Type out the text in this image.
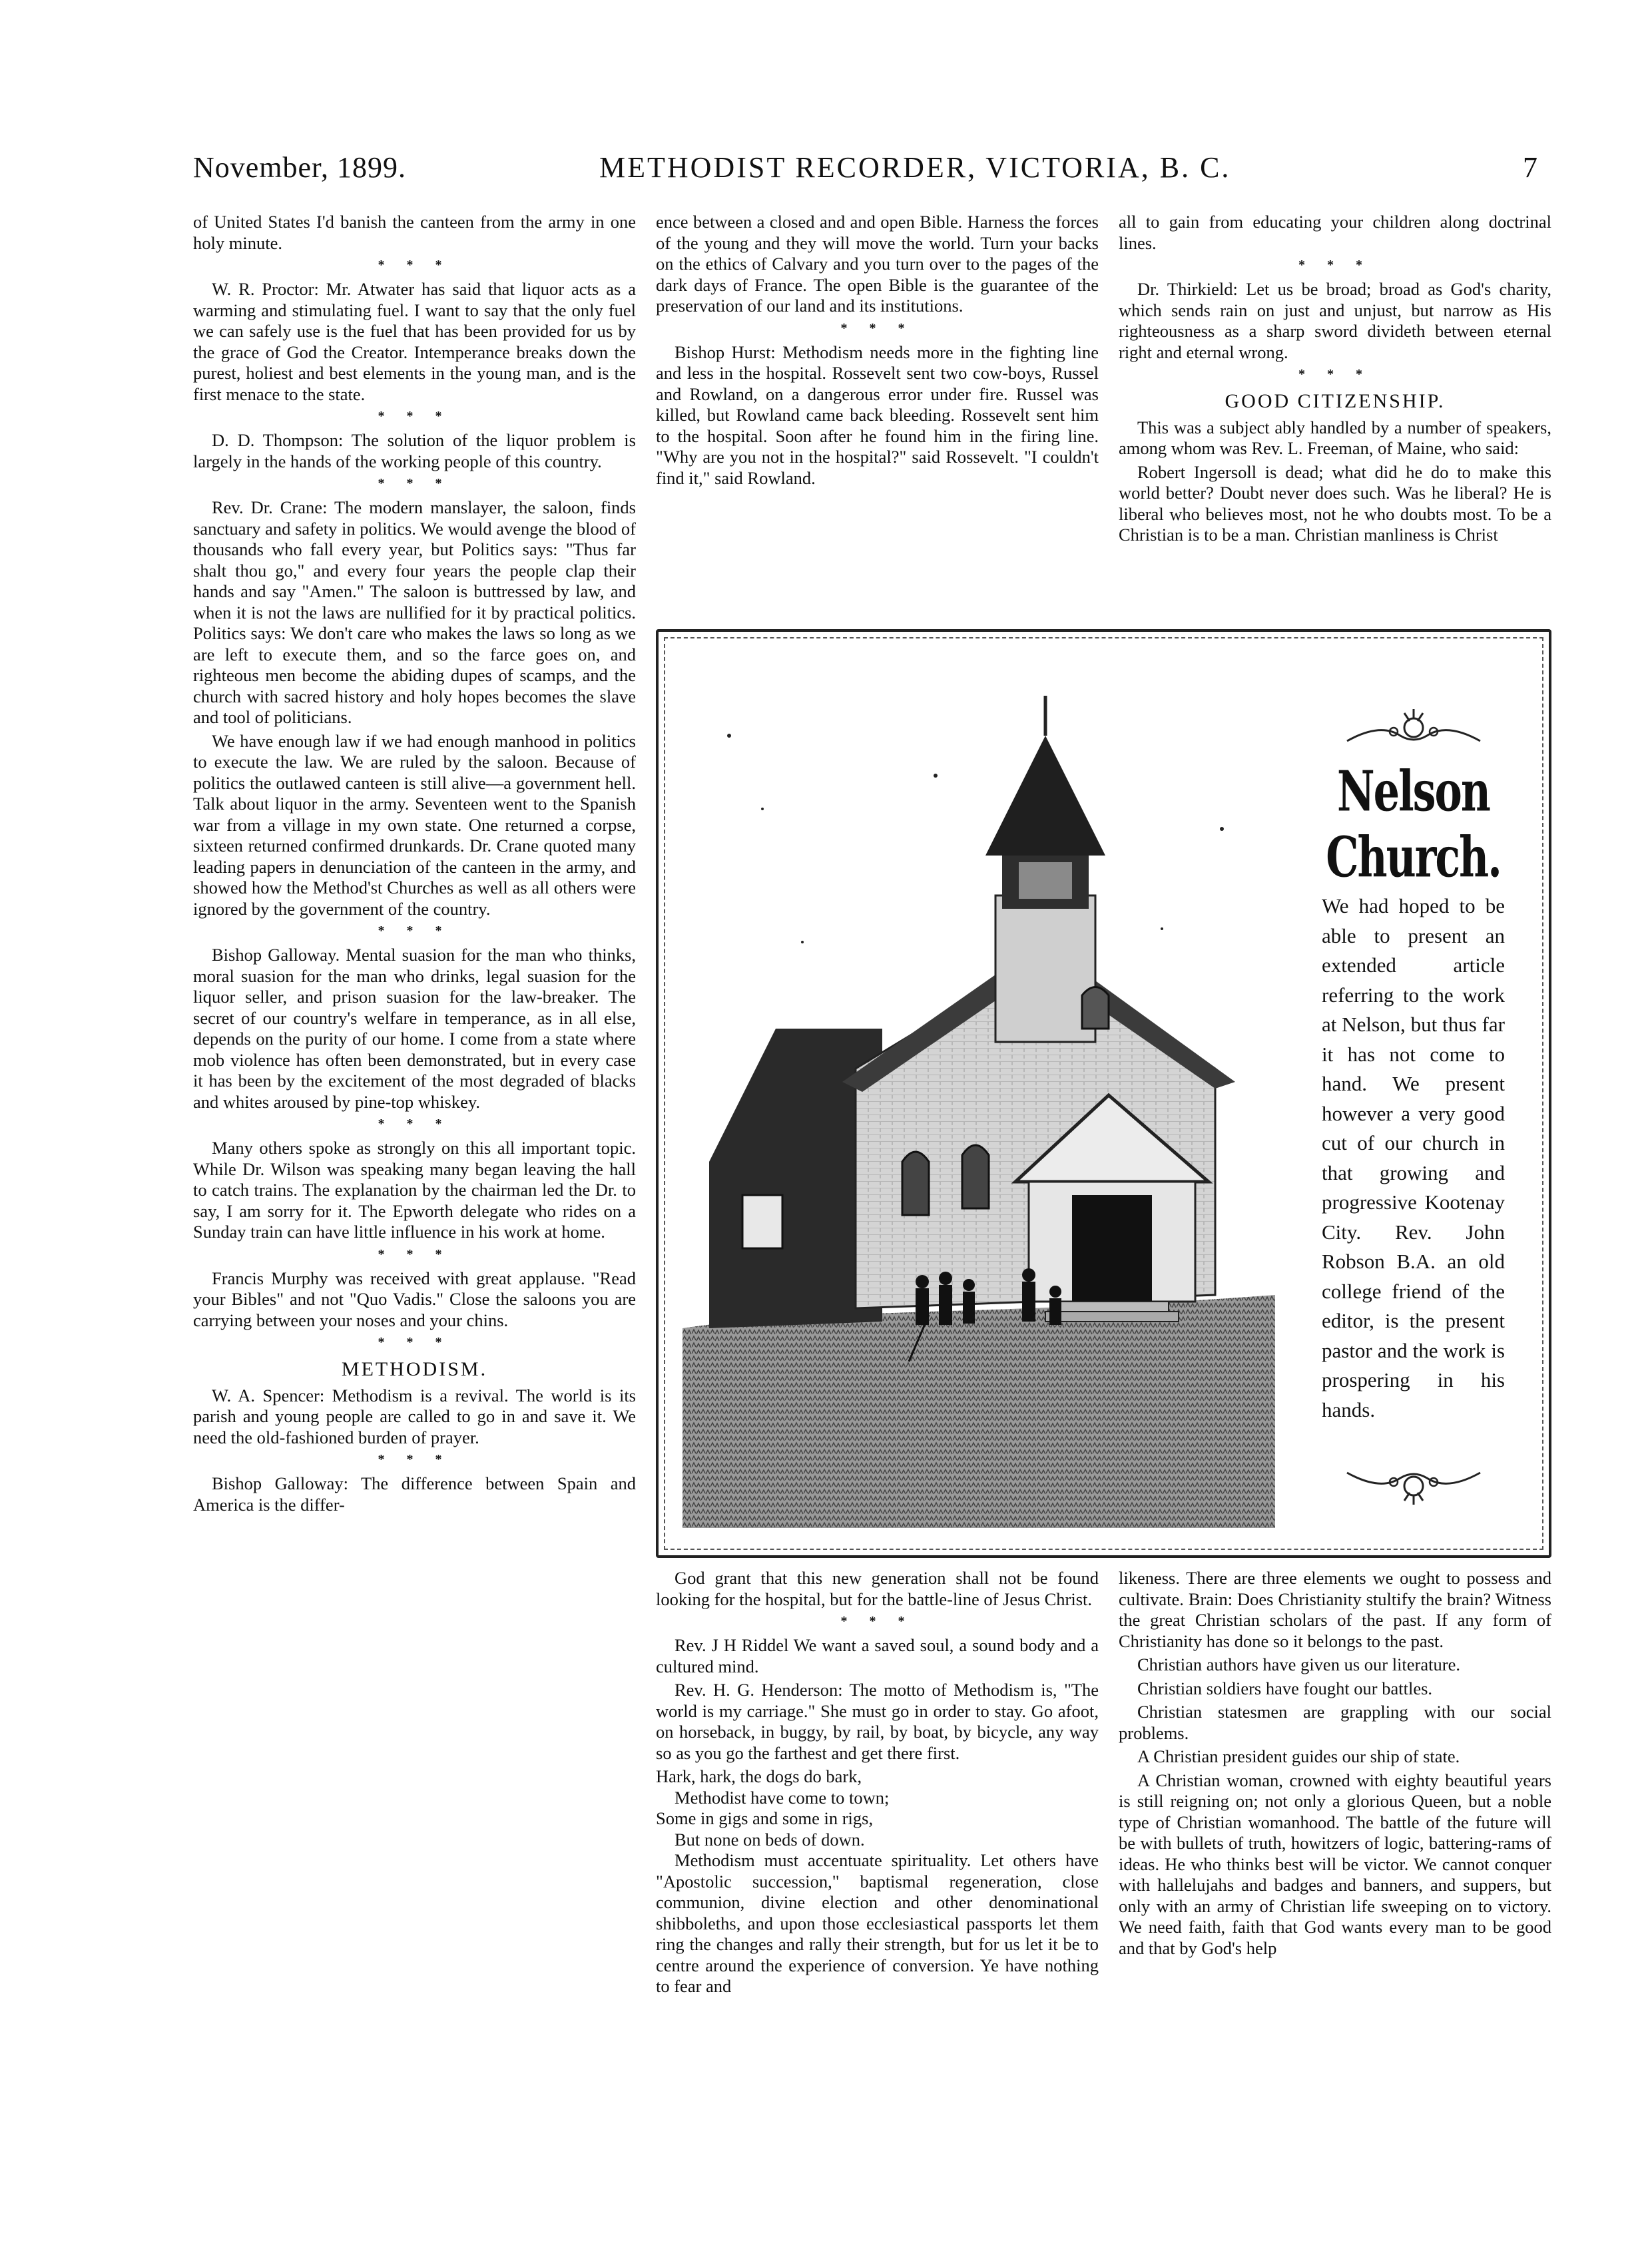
November, 1899.	METHODIST RECORDER, VICTORIA, B. C.	7

of United States I'd banish the canteen from the army in one holy minute.

* * *

W. R. Proctor: Mr. Atwater has said that liquor acts as a warming and stimulating fuel. I want to say that the only fuel we can safely use is the fuel that has been provided for us by the grace of God the Creator. Intemperance breaks down the purest, holiest and best elements in the young man, and is the first menace to the state.

* * *

D. D. Thompson: The solution of the liquor problem is largely in the hands of the working people of this country.

* * *

Rev. Dr. Crane: The modern manslayer, the saloon, finds sanctuary and safety in politics. We would avenge the blood of thousands who fall every year, but Politics says: "Thus far shalt thou go," and every four years the people clap their hands and say "Amen." The saloon is buttressed by law, and when it is not the laws are nullified for it by practical politics. Politics says: We don't care who makes the laws so long as we are left to execute them, and so the farce goes on, and righteous men become the abiding dupes of scamps, and the church with sacred history and holy hopes becomes the slave and tool of politicians.

We have enough law if we had enough manhood in politics to execute the law. We are ruled by the saloon. Because of politics the outlawed canteen is still alive—a government hell. Talk about liquor in the army. Seventeen went to the Spanish war from a village in my own state. One returned a corpse, sixteen returned confirmed drunkards. Dr. Crane quoted many leading papers in denunciation of the canteen in the army, and showed how the Method'st Churches as well as all others were ignored by the government of the country.

* * *

Bishop Galloway. Mental suasion for the man who thinks, moral suasion for the man who drinks, legal suasion for the liquor seller, and prison suasion for the law-breaker. The secret of our country's welfare in temperance, as in all else, depends on the purity of our home. I come from a state where mob violence has often been demonstrated, but in every case it has been by the excitement of the most degraded of blacks and whites aroused by pine-top whiskey.

* * *

Many others spoke as strongly on this all important topic. While Dr. Wilson was speaking many began leaving the hall to catch trains. The explanation by the chairman led the Dr. to say, I am sorry for it. The Epworth delegate who rides on a Sunday train can have little influence in his work at home.

* * *

Francis Murphy was received with great applause. "Read your Bibles" and not "Quo Vadis." Close the saloons you are carrying between your noses and your chins.

* * *
METHODISM.

W. A. Spencer: Methodism is a revival. The world is its parish and young people are called to go in and save it. We need the old-fashioned burden of prayer.

* * *

Bishop Galloway: The difference between Spain and America is the differ-

ence between a closed and and open Bible. Harness the forces of the young and they will move the world. Turn your backs on the ethics of Calvary and you turn over to the pages of the dark days of France. The open Bible is the guarantee of the preservation of our land and its institutions.

* * *

Bishop Hurst: Methodism needs more in the fighting line and less in the hospital. Rossevelt sent two cow-boys, Russel and Rowland, on a dangerous error under fire. Russel was killed, but Rowland came back bleeding. Rossevelt sent him to the hospital. Soon after he found him in the firing line. "Why are you not in the hospital?" said Rossevelt. "I couldn't find it," said Rowland.

all to gain from educating your children along doctrinal lines.

* * *

Dr. Thirkield: Let us be broad; broad as God's charity, which sends rain on just and unjust, but narrow as His righteousness as a sharp sword divideth between eternal right and eternal wrong.

* * *
GOOD CITIZENSHIP.

This was a subject ably handled by a number of speakers, among whom was Rev. L. Freeman, of Maine, who said:

Robert Ingersoll is dead; what did he do to make this world better? Doubt never does such. Was he liberal? He is liberal who believes most, not he who doubts most. To be a Christian is to be a man. Christian manliness is Christ

Nelson Church.
We had hoped to be able to present an extended article referring to the work at Nelson, but thus far it has not come to hand. We present however a very good cut of our church in that growing and progressive Kootenay City. Rev. John Robson B.A. an old college friend of the editor, is the present pastor and the work is prospering in his hands.

God grant that this new generation shall not be found looking for the hospital, but for the battle-line of Jesus Christ.

* * *

Rev. J H Riddel We want a saved soul, a sound body and a cultured mind.

Rev. H. G. Henderson: The motto of Methodism is, "The world is my carriage." She must go in order to stay. Go afoot, on horseback, in buggy, by rail, by boat, by bicycle, any way so as you go the farthest and get there first.

Hark, hark, the dogs do bark,
Methodist have come to town;
Some in gigs and some in rigs,
But none on beds of down.

Methodism must accentuate spirituality. Let others have "Apostolic succession," baptismal regeneration, close communion, divine election and other denominational shibboleths, and upon those ecclesiastical passports let them ring the changes and rally their strength, but for us let it be to centre around the experience of conversion. Ye have nothing to fear and

likeness. There are three elements we ought to possess and cultivate. Brain: Does Christianity stultify the brain? Witness the great Christian scholars of the past. If any form of Christianity has done so it belongs to the past.

Christian authors have given us our literature.

Christian soldiers have fought our battles.

Christian statesmen are grappling with our social problems.

A Christian president guides our ship of state.

A Christian woman, crowned with eighty beautiful years is still reigning on; not only a glorious Queen, but a noble type of Christian womanhood. The battle of the future will be with bullets of truth, howitzers of logic, battering-rams of ideas. He who thinks best will be victor. We cannot conquer with hallelujahs and badges and banners, and suppers, but only with an army of Christian life sweeping on to victory. We need faith, faith that God wants every man to be good and that by God's help
